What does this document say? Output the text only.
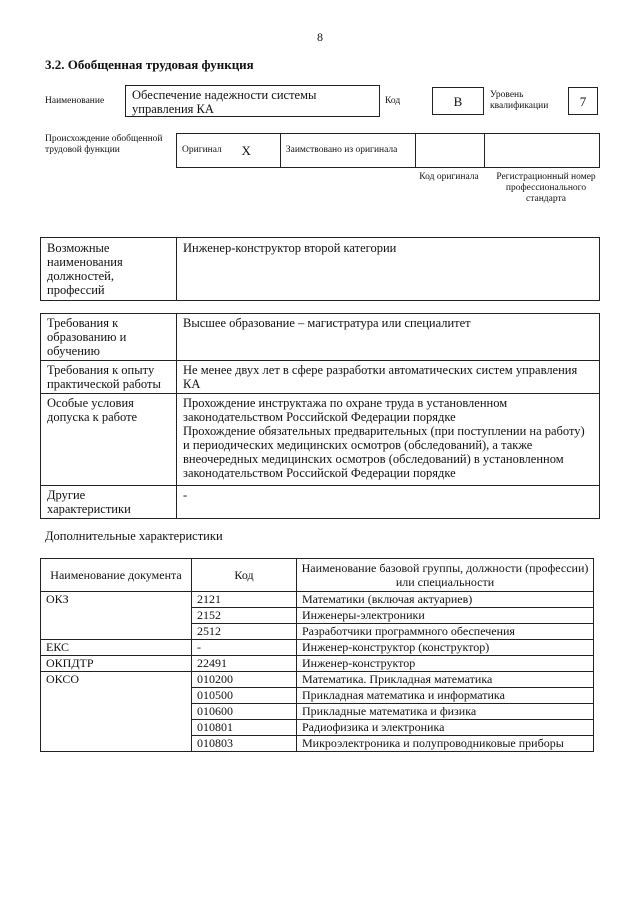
8
3.2. Обобщенная трудовая функция
Наименование	Обеспечение надежности системы управления КА
Код	B	Уровень квалификации	7
Происхождение обобщенной трудовой функции	Оригинал	X	Заимствовано из оригинала		
Код оригинала	Регистрационный номер профессионального стандарта
Возможные наименования должностей, профессий	Инженер-конструктор второй категории
Требования к образованию и обучению	Высшее образование – магистратура или специалитет
Требования к опыту практической работы	Не менее двух лет в сфере разработки автоматических систем управления КА
Особые условия допуска к работе	Прохождение инструктажа по охране труда в установленном законодательством Российской Федерации порядке
Прохождение обязательных предварительных (при поступлении на работу) и периодических медицинских осмотров (обследований), а также внеочередных медицинских осмотров (обследований) в установленном законодательством Российской Федерации порядке
Другие характеристики	-
Дополнительные характеристики
Наименование документа	Код	Наименование базовой группы, должности (профессии) или специальности
ОКЗ	2121	Математики (включая актуариев)
	2152	Инженеры-электроники
	2512	Разработчики программного обеспечения
ЕКС	-	Инженер-конструктор (конструктор)
ОКПДТР	22491	Инженер-конструктор
ОКСО	010200	Математика. Прикладная математика
	010500	Прикладная математика и информатика
	010600	Прикладные математика и физика
	010801	Радиофизика и электроника
	010803	Микроэлектроника и полупроводниковые приборы
